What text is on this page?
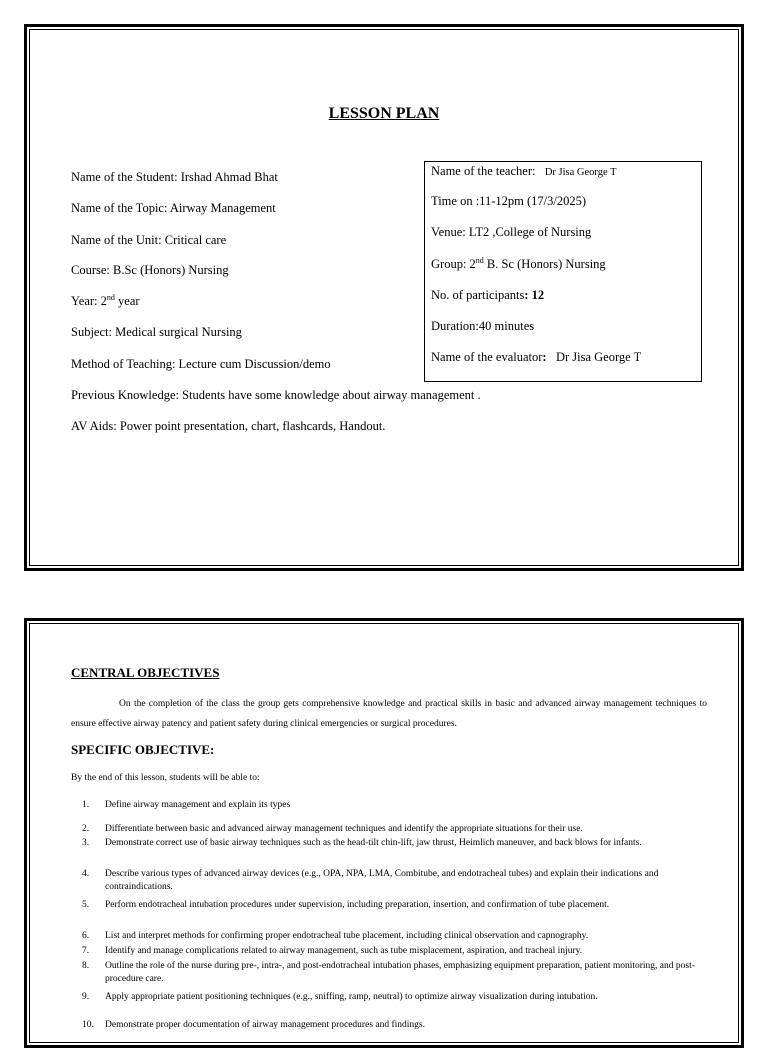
LESSON PLAN
Name of the Student: Irshad Ahmad Bhat
Name of the Topic: Airway Management
Name of the Unit: Critical care
Course: B.Sc (Honors) Nursing
Year: 2nd year
Subject: Medical surgical Nursing
Method of Teaching: Lecture cum Discussion/demo
Previous Knowledge: Students have some knowledge about airway management .
AV Aids: Power point presentation, chart, flashcards, Handout.
Name of the teacher: Dr Jisa George T
Time on :11-12pm (17/3/2025)
Venue: LT2 ,College of Nursing
Group: 2nd B. Sc (Honors) Nursing
No. of participants: 12
Duration:40 minutes
Name of the evaluator: Dr Jisa George T
CENTRAL OBJECTIVES
On the completion of the class the group gets comprehensive knowledge and practical skills in basic and advanced airway management techniques to ensure effective airway patency and patient safety during clinical emergencies or surgical procedures.
SPECIFIC OBJECTIVE:
By the end of this lesson, students will be able to:
1. Define airway management and explain its types
2. Differentiate between basic and advanced airway management techniques and identify the appropriate situations for their use.
3. Demonstrate correct use of basic airway techniques such as the head-tilt chin-lift, jaw thrust, Heimlich maneuver, and back blows for infants.
4. Describe various types of advanced airway devices (e.g., OPA, NPA, LMA, Combitube, and endotracheal tubes) and explain their indications and contraindications.
5. Perform endotracheal intubation procedures under supervision, including preparation, insertion, and confirmation of tube placement.
6. List and interpret methods for confirming proper endotracheal tube placement, including clinical observation and capnography.
7. Identify and manage complications related to airway management, such as tube misplacement, aspiration, and tracheal injury.
8. Outline the role of the nurse during pre-, intra-, and post-endotracheal intubation phases, emphasizing equipment preparation, patient monitoring, and post-procedure care.
9. Apply appropriate patient positioning techniques (e.g., sniffing, ramp, neutral) to optimize airway visualization during intubation.
10. Demonstrate proper documentation of airway management procedures and findings.
